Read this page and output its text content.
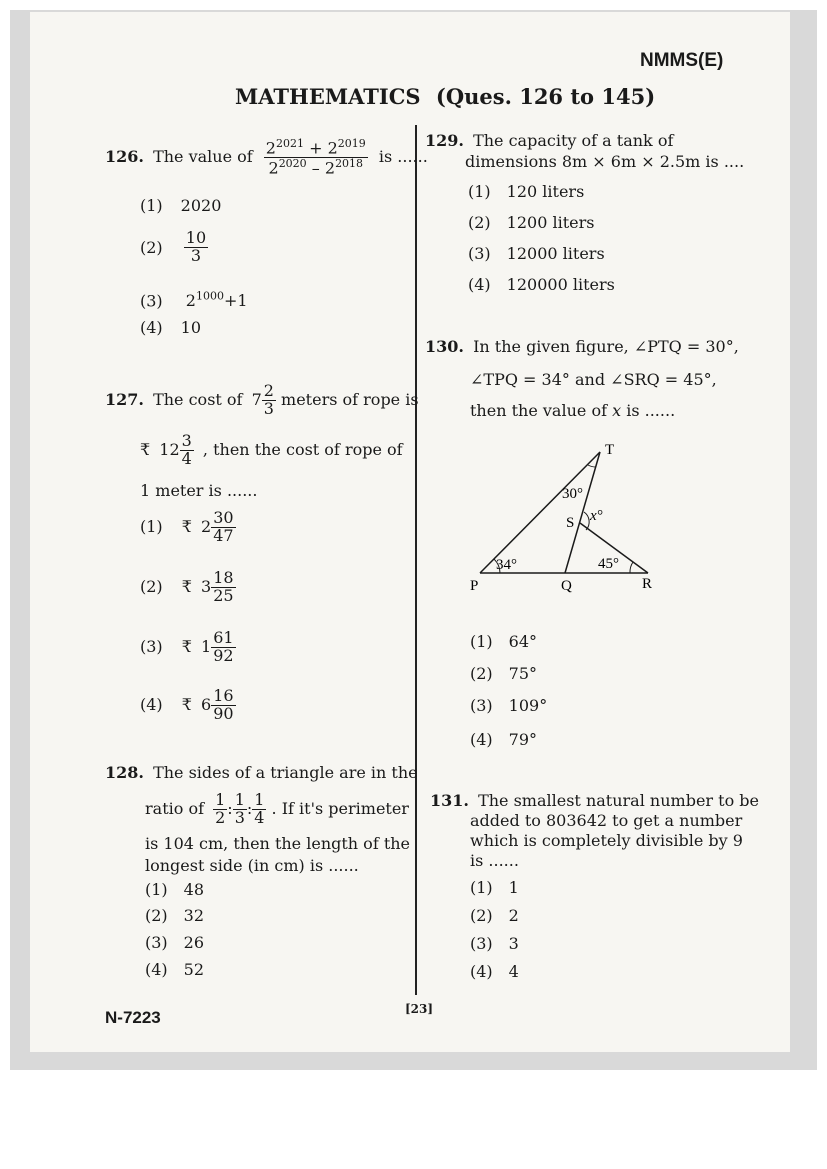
NMMS(E)
MATHEMATICS (Ques. 126 to 145)
126. The value of $\frac{2^{2021} + 2^{2019}}{2^{2020} - 2^{2018}}$ is ......
(1) 2020
$(2) \frac{10}{3}$
(3) $2^{1000}+1$
(4) 10
127. The cost of $7 \frac{2}{3}$ meters of rope is
₹ $12 \frac{3}{4}$ , then the cost of rope of
1 meter is ......
(1) ₹ $2 \frac{30}{47}$
(2) ₹ $3 \frac{18}{25}$
(3) ₹ $1 \frac{61}{92}$
(4) ₹ $6 \frac{16}{90}$
128. The sides of a triangle are in the
ratio of $\frac{1}{2}$ : $\frac{1}{3}$ : $\frac{1}{4}$ . If it's perimeter
is 104 cm, then the length of the
longest side (in cm) is ......
(1) 48
(2) 32
(3) 26
(4) 52
129. The capacity of a tank of
dimensions 8m × 6m × 2.5m is ....
(1) 120 liters
(2) 1200 liters
(3) 12000 liters
(4) 120000 liters
130. In the given figure, ∠PTQ = 30°,
∠TPQ = 34° and ∠SRQ = 45°,
then the value of x is ......
T
S
P	Q	R
30°
34°	45°
x°
(1) 64°
(2) 75°
(3) 109°
(4) 79°
131. The smallest natural number to be
added to 803642 to get a number
which is completely divisible by 9
is ......
(1) 1
(2) 2
(3) 3
(4) 4
N-7223	[23]
